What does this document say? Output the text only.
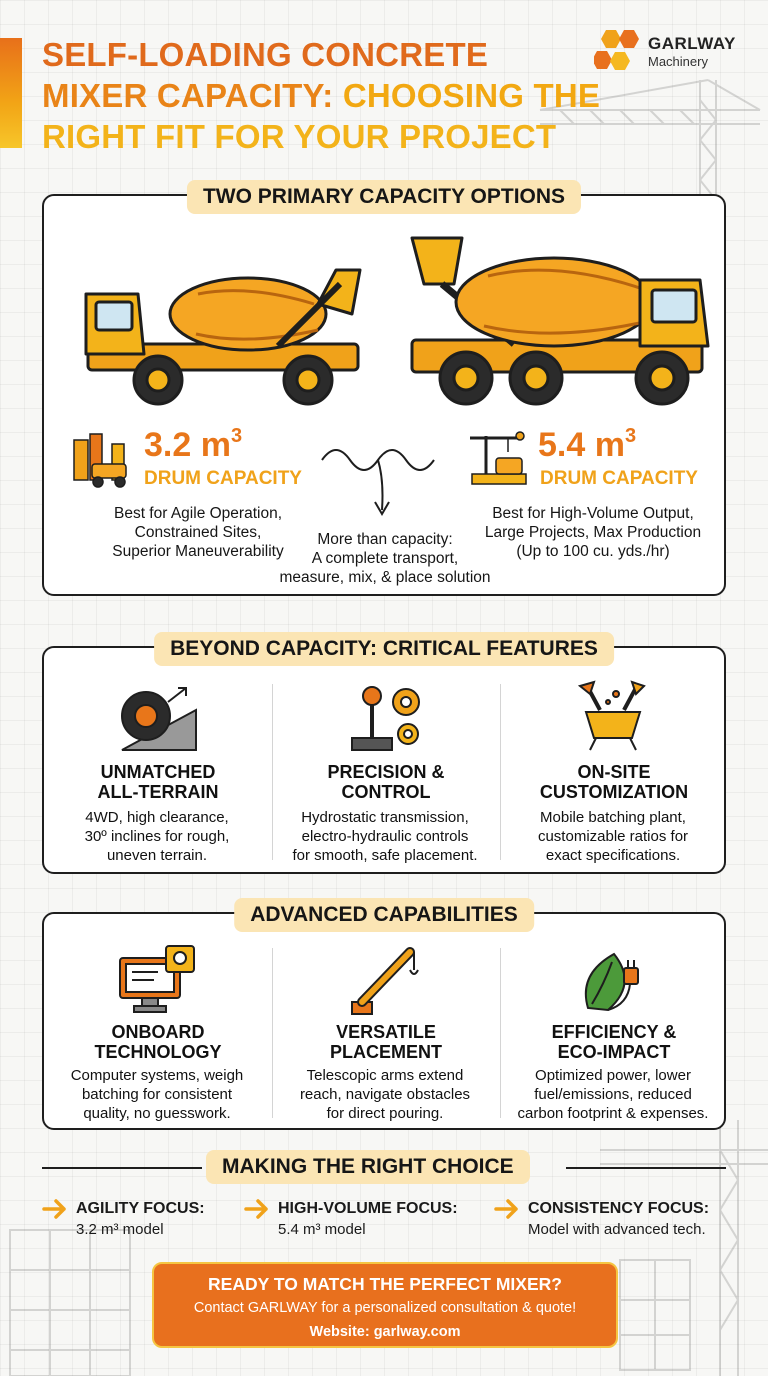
SELF-LOADING CONCRETE
MIXER CAPACITY: CHOOSING THE
RIGHT FIT FOR YOUR PROJECT
GARLWAY
Machinery
TWO PRIMARY CAPACITY OPTIONS
3.2 $m^3$
DRUM CAPACITY
Best for Agile Operation,
Constrained Sites,
Superior Maneuverability
More than capacity:
A complete transport,
measure, mix, & place solution
5.4 $m^3$
DRUM CAPACITY
Best for High-Volume Output,
Large Projects, Max Production
(Up to 100 cu. yds./hr)
BEYOND CAPACITY: CRITICAL FEATURES
UNMATCHED
ALL-TERRAIN
4WD, high clearance,
30º inclines for rough,
uneven terrain.
PRECISION &
CONTROL
Hydrostatic transmission,
electro-hydraulic controls
for smooth, safe placement.
ON-SITE
CUSTOMIZATION
Mobile batching plant,
customizable ratios for
exact specifications.
ADVANCED CAPABILITIES
ONBOARD
TECHNOLOGY
Computer systems, weigh
batching for consistent
quality, no guesswork.
VERSATILE
PLACEMENT
Telescopic arms extend
reach, navigate obstacles
for direct pouring.
EFFICIENCY &
ECO-IMPACT
Optimized power, lower
fuel/emissions, reduced
carbon footprint & expenses.
MAKING THE RIGHT CHOICE
AGILITY FOCUS:
3.2 m³ model
HIGH-VOLUME FOCUS:
5.4 m³ model
CONSISTENCY FOCUS:
Model with advanced tech.
READY TO MATCH THE PERFECT MIXER?
Contact GARLWAY for a personalized consultation & quote!
Website: garlway.com
